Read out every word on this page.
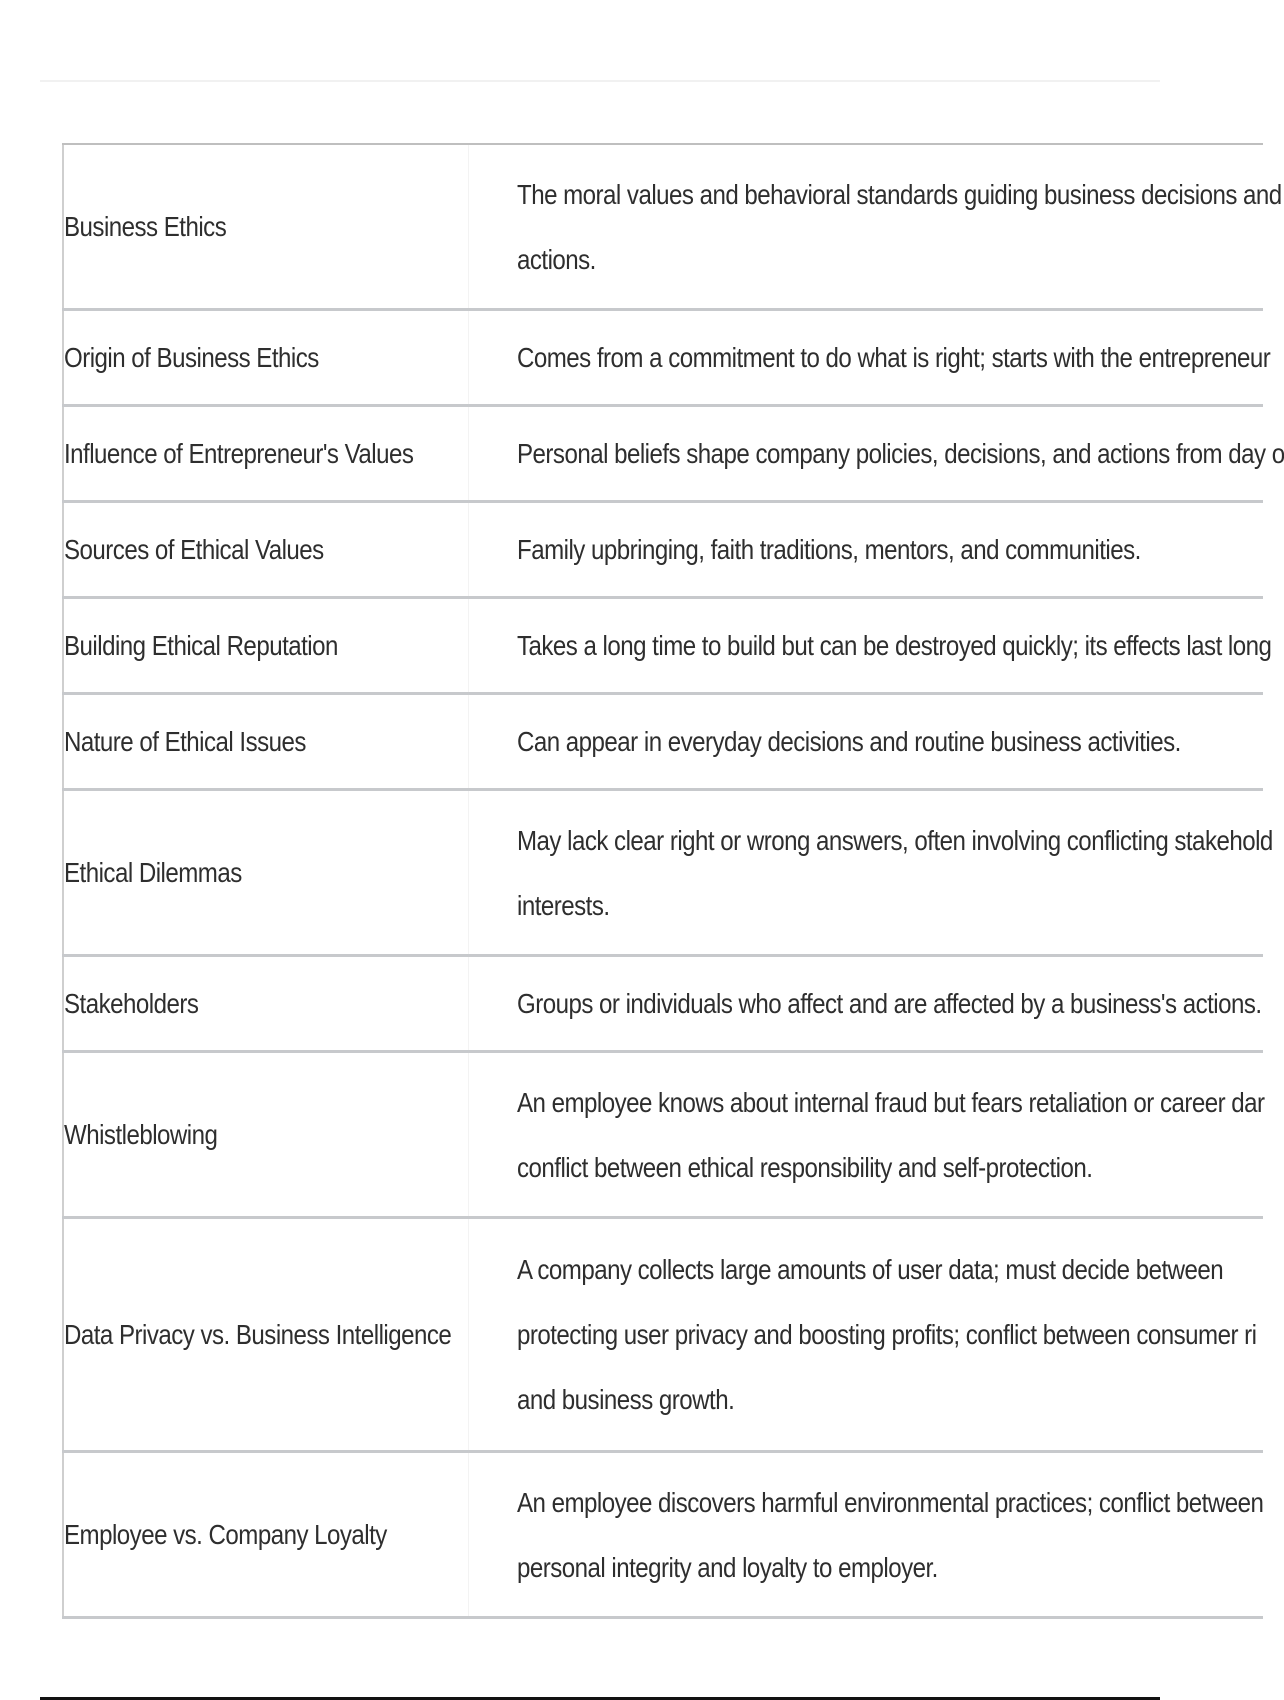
Business Ethics	The moral values and behavioral standards guiding business decisions and
actions.

Origin of Business Ethics	Comes from a commitment to do what is right; starts with the entrepreneur

Influence of Entrepreneur's Values	Personal beliefs shape company policies, decisions, and actions from day o

Sources of Ethical Values	Family upbringing, faith traditions, mentors, and communities.

Building Ethical Reputation	Takes a long time to build but can be destroyed quickly; its effects last long

Nature of Ethical Issues	Can appear in everyday decisions and routine business activities.

Ethical Dilemmas	May lack clear right or wrong answers, often involving conflicting stakehold
interests.

Stakeholders	Groups or individuals who affect and are affected by a business's actions.

Whistleblowing	An employee knows about internal fraud but fears retaliation or career dar
conflict between ethical responsibility and self-protection.

Data Privacy vs. Business Intelligence	A company collects large amounts of user data; must decide between
protecting user privacy and boosting profits; conflict between consumer ri
and business growth.

Employee vs. Company Loyalty	An employee discovers harmful environmental practices; conflict between
personal integrity and loyalty to employer.
